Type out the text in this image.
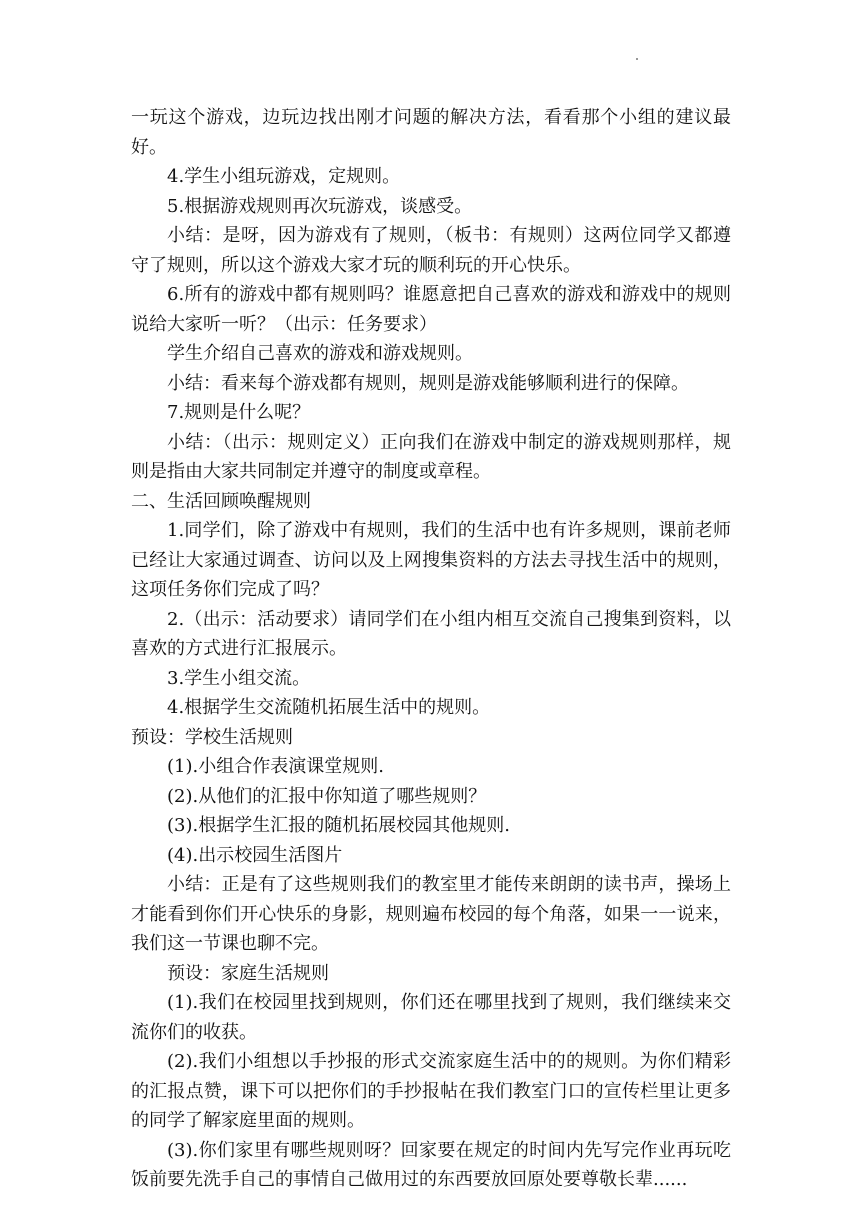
一玩这个游戏，边玩边找出刚才问题的解决方法，看看那个小组的建议最好。

4.学生小组玩游戏，定规则。

5.根据游戏规则再次玩游戏，谈感受。

小结：是呀，因为游戏有了规则，（板书：有规则）这两位同学又都遵守了规则，所以这个游戏大家才玩的顺利玩的开心快乐。

6.所有的游戏中都有规则吗？谁愿意把自己喜欢的游戏和游戏中的规则说给大家听一听？（出示：任务要求）

学生介绍自己喜欢的游戏和游戏规则。

小结：看来每个游戏都有规则，规则是游戏能够顺利进行的保障。

7.规则是什么呢？

小结：（出示：规则定义）正向我们在游戏中制定的游戏规则那样，规则是指由大家共同制定并遵守的制度或章程。

二、生活回顾唤醒规则

1.同学们，除了游戏中有规则，我们的生活中也有许多规则，课前老师已经让大家通过调查、访问以及上网搜集资料的方法去寻找生活中的规则，这项任务你们完成了吗？

2.（出示：活动要求）请同学们在小组内相互交流自己搜集到资料，以喜欢的方式进行汇报展示。

3.学生小组交流。

4.根据学生交流随机拓展生活中的规则。

预设：学校生活规则

(1).小组合作表演课堂规则.

(2).从他们的汇报中你知道了哪些规则？

(3).根据学生汇报的随机拓展校园其他规则.

(4).出示校园生活图片

小结：正是有了这些规则我们的教室里才能传来朗朗的读书声，操场上才能看到你们开心快乐的身影，规则遍布校园的每个角落，如果一一说来，我们这一节课也聊不完。

预设：家庭生活规则

(1).我们在校园里找到规则，你们还在哪里找到了规则，我们继续来交流你们的收获。

(2).我们小组想以手抄报的形式交流家庭生活中的的规则。为你们精彩的汇报点赞，课下可以把你们的手抄报帖在我们教室门口的宣传栏里让更多的同学了解家庭里面的规则。

(3).你们家里有哪些规则呀？回家要在规定的时间内先写完作业再玩吃饭前要先洗手自己的事情自己做用过的东西要放回原处要尊敬长辈......
